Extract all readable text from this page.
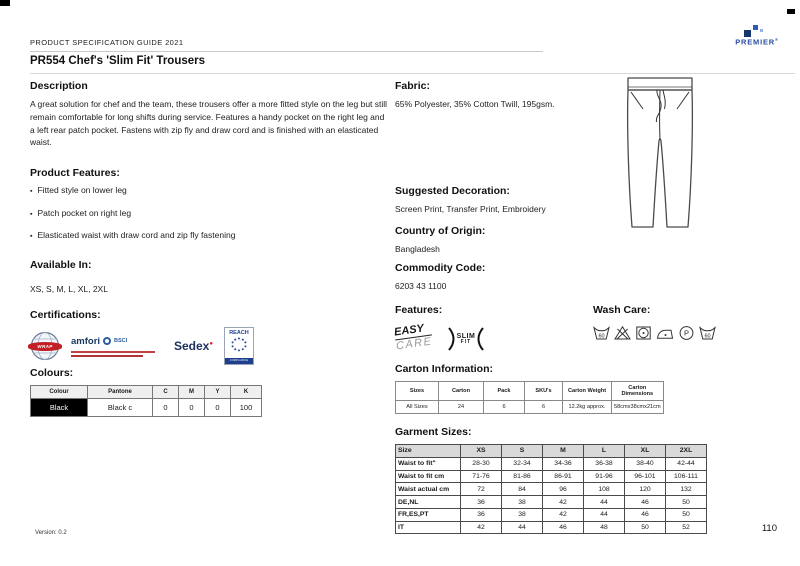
PRODUCT SPECIFICATION GUIDE 2021
PR554 Chef's 'Slim Fit' Trousers
PREMIER®
Description

A great solution for chef and the team, these trousers offer a more fitted style on the leg but still remain comfortable for long shifts during service. Features a handy pocket on the right leg and a left rear patch pocket. Fastens with zip fly and draw cord and is finished with an elasticated waist.

Product Features:
▪ Fitted style on lower leg
▪ Patch pocket on right leg
▪ Elasticated waist with draw cord and zip fly fastening
Available In:

XS, S, M, L, XL, 2XL

Certifications:
WRAP	amfori	BSCI	Sedex●
REACH
COMPLIANCE
Colours:
Colour	Pantone	C	M	Y	K
Black	Black c	0	0	0	100
Fabric:

65% Polyester, 35% Cotton Twill, 195gsm.

Suggested Decoration:

Screen Print, Transfer Print, Embroidery

Country of Origin:

Bangladesh

Commodity Code:

6203 43 1100

Features:
EASY
CARE	SLIM
FIT
Wash Care:
60	P	60
Carton Information:
Sizes	Carton	Pack	SKU's	Carton Weight	Carton Dimensions
All Sizes	24	6	6	12.2kg approx.	58cmx38cmx21cm
Garment Sizes:
Size	XS	S	M	L	XL	2XL
Waist to fit"	28-30	32-34	34-36	36-38	38-40	42-44
Waist to fit cm	71-76	81-86	86-91	91-96	96-101	106-111
Waist actual cm	72	84	96	108	120	132
DE,NL	36	38	42	44	46	50
FR,ES,PT	36	38	42	44	46	50
IT	42	44	46	48	50	52
Version: 0.2	110
